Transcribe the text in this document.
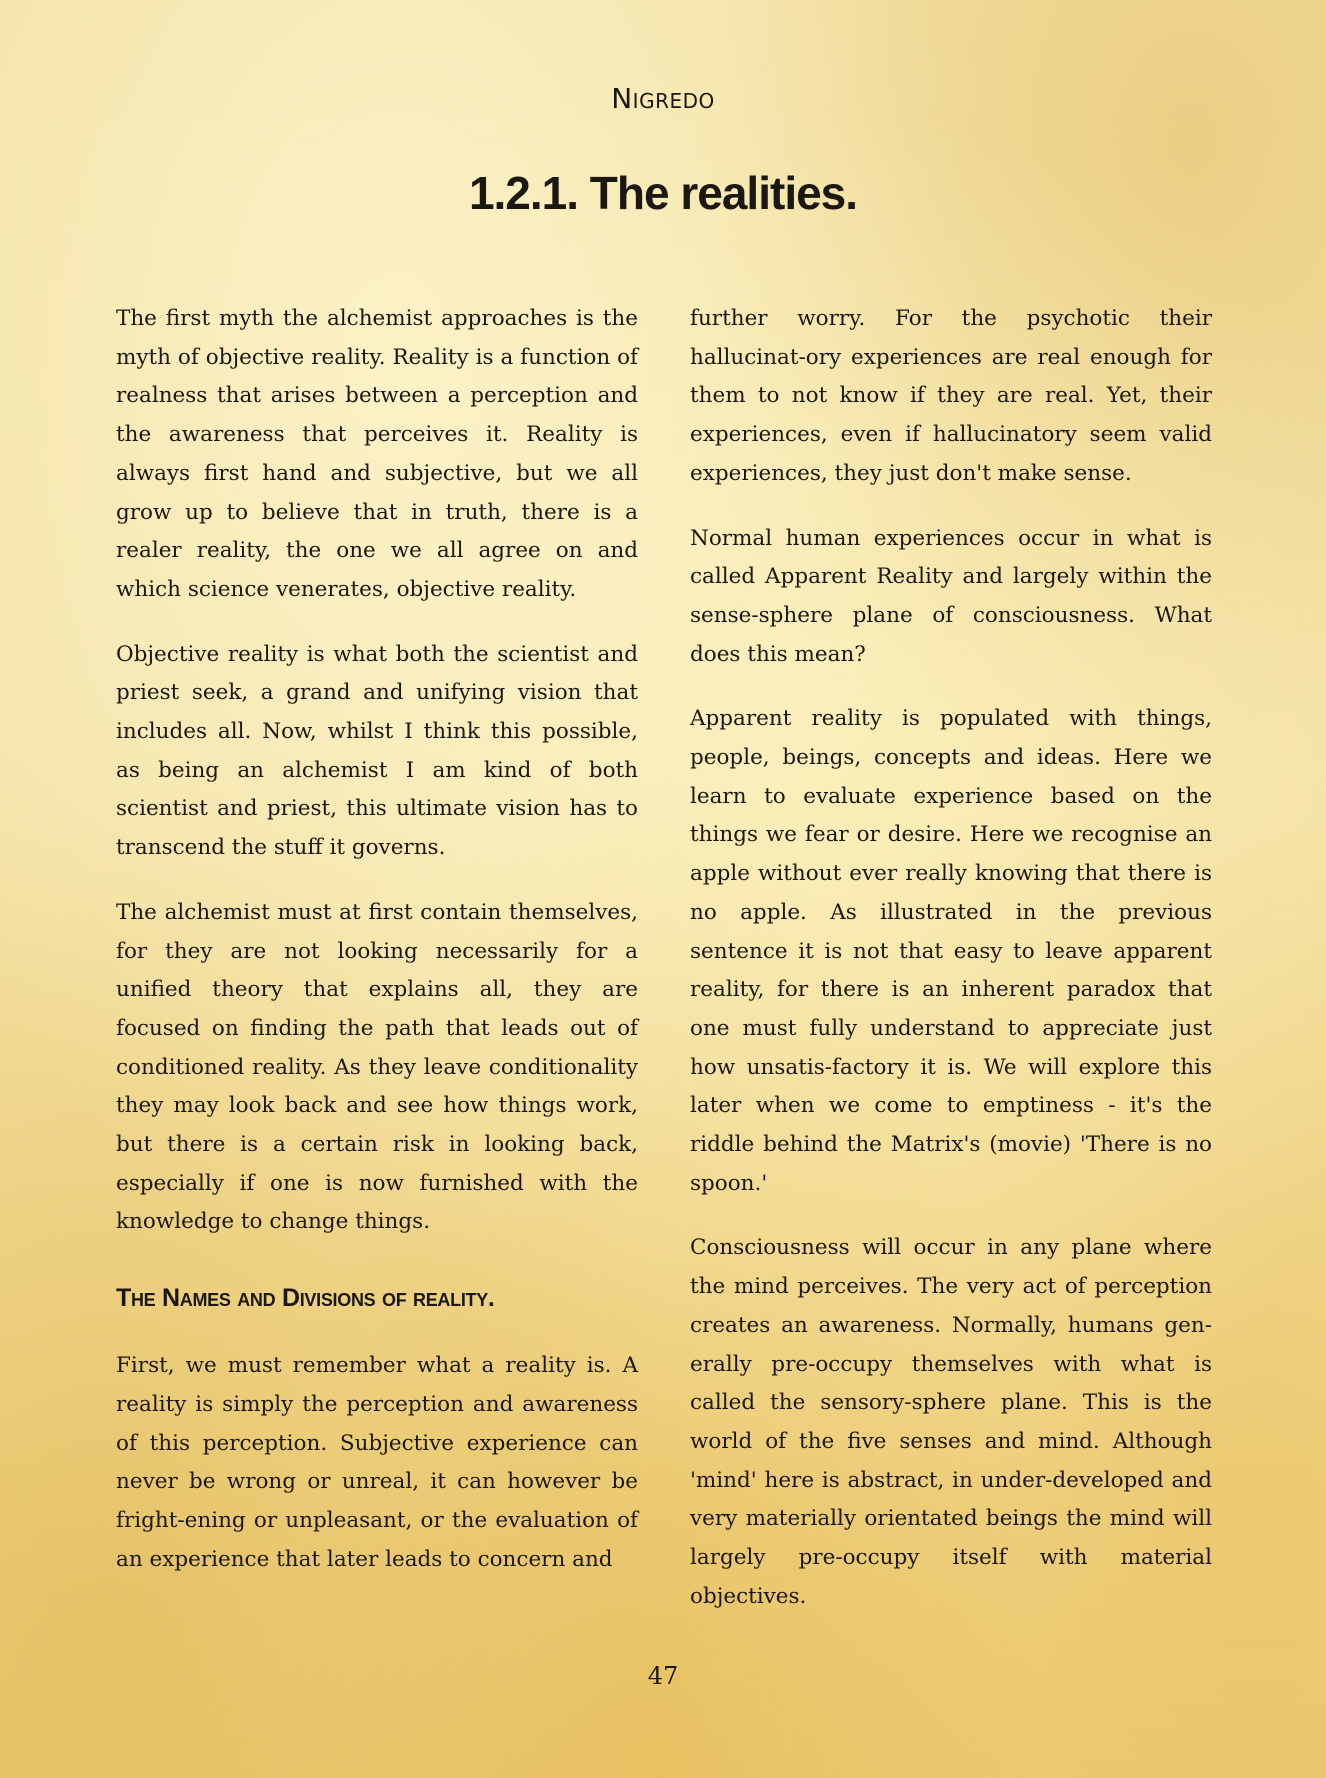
Nigredo
1.2.1. The realities.

The first myth the alchemist approaches is the myth of objective reality. Reality is a function of realness that arises between a perception and the awareness that perceives it. Reality is always first hand and subjective, but we all grow up to believe that in truth, there is a realer reality, the one we all agree on and which science venerates, objective reality.

Objective reality is what both the scientist and priest seek, a grand and unifying vision that includes all. Now, whilst I think this possible, as being an alchemist I am kind of both scientist and priest, this ultimate vision has to transcend the stuff it governs.

The alchemist must at first contain themselves, for they are not looking necessarily for a unified theory that explains all, they are focused on finding the path that leads out of conditioned reality. As they leave conditionality they may look back and see how things work, but there is a certain risk in looking back, especially if one is now furnished with the knowledge to change things.

The Names and Divisions of reality.

First, we must remember what a reality is. A reality is simply the perception and awareness of this perception. Subjective experience can never be wrong or unreal, it can however be fright-ening or unpleasant, or the evaluation of an experience that later leads to concern and

further worry. For the psychotic their hallucinat-ory experiences are real enough for them to not know if they are real. Yet, their experiences, even if hallucinatory seem valid experiences, they just don't make sense.

Normal human experiences occur in what is called Apparent Reality and largely within the sense-sphere plane of consciousness. What does this mean?

Apparent reality is populated with things, people, beings, concepts and ideas. Here we learn to evaluate experience based on the things we fear or desire. Here we recognise an apple without ever really knowing that there is no apple. As illustrated in the previous sentence it is not that easy to leave apparent reality, for there is an inherent paradox that one must fully understand to appreciate just how unsatis-factory it is. We will explore this later when we come to emptiness - it's the riddle behind the Matrix's (movie) 'There is no spoon.'

Consciousness will occur in any plane where the mind perceives. The very act of perception creates an awareness. Normally, humans gen-erally pre-occupy themselves with what is called the sensory-sphere plane. This is the world of the five senses and mind. Although 'mind' here is abstract, in under-developed and very materially orientated beings the mind will largely pre-occupy itself with material objectives.

47
